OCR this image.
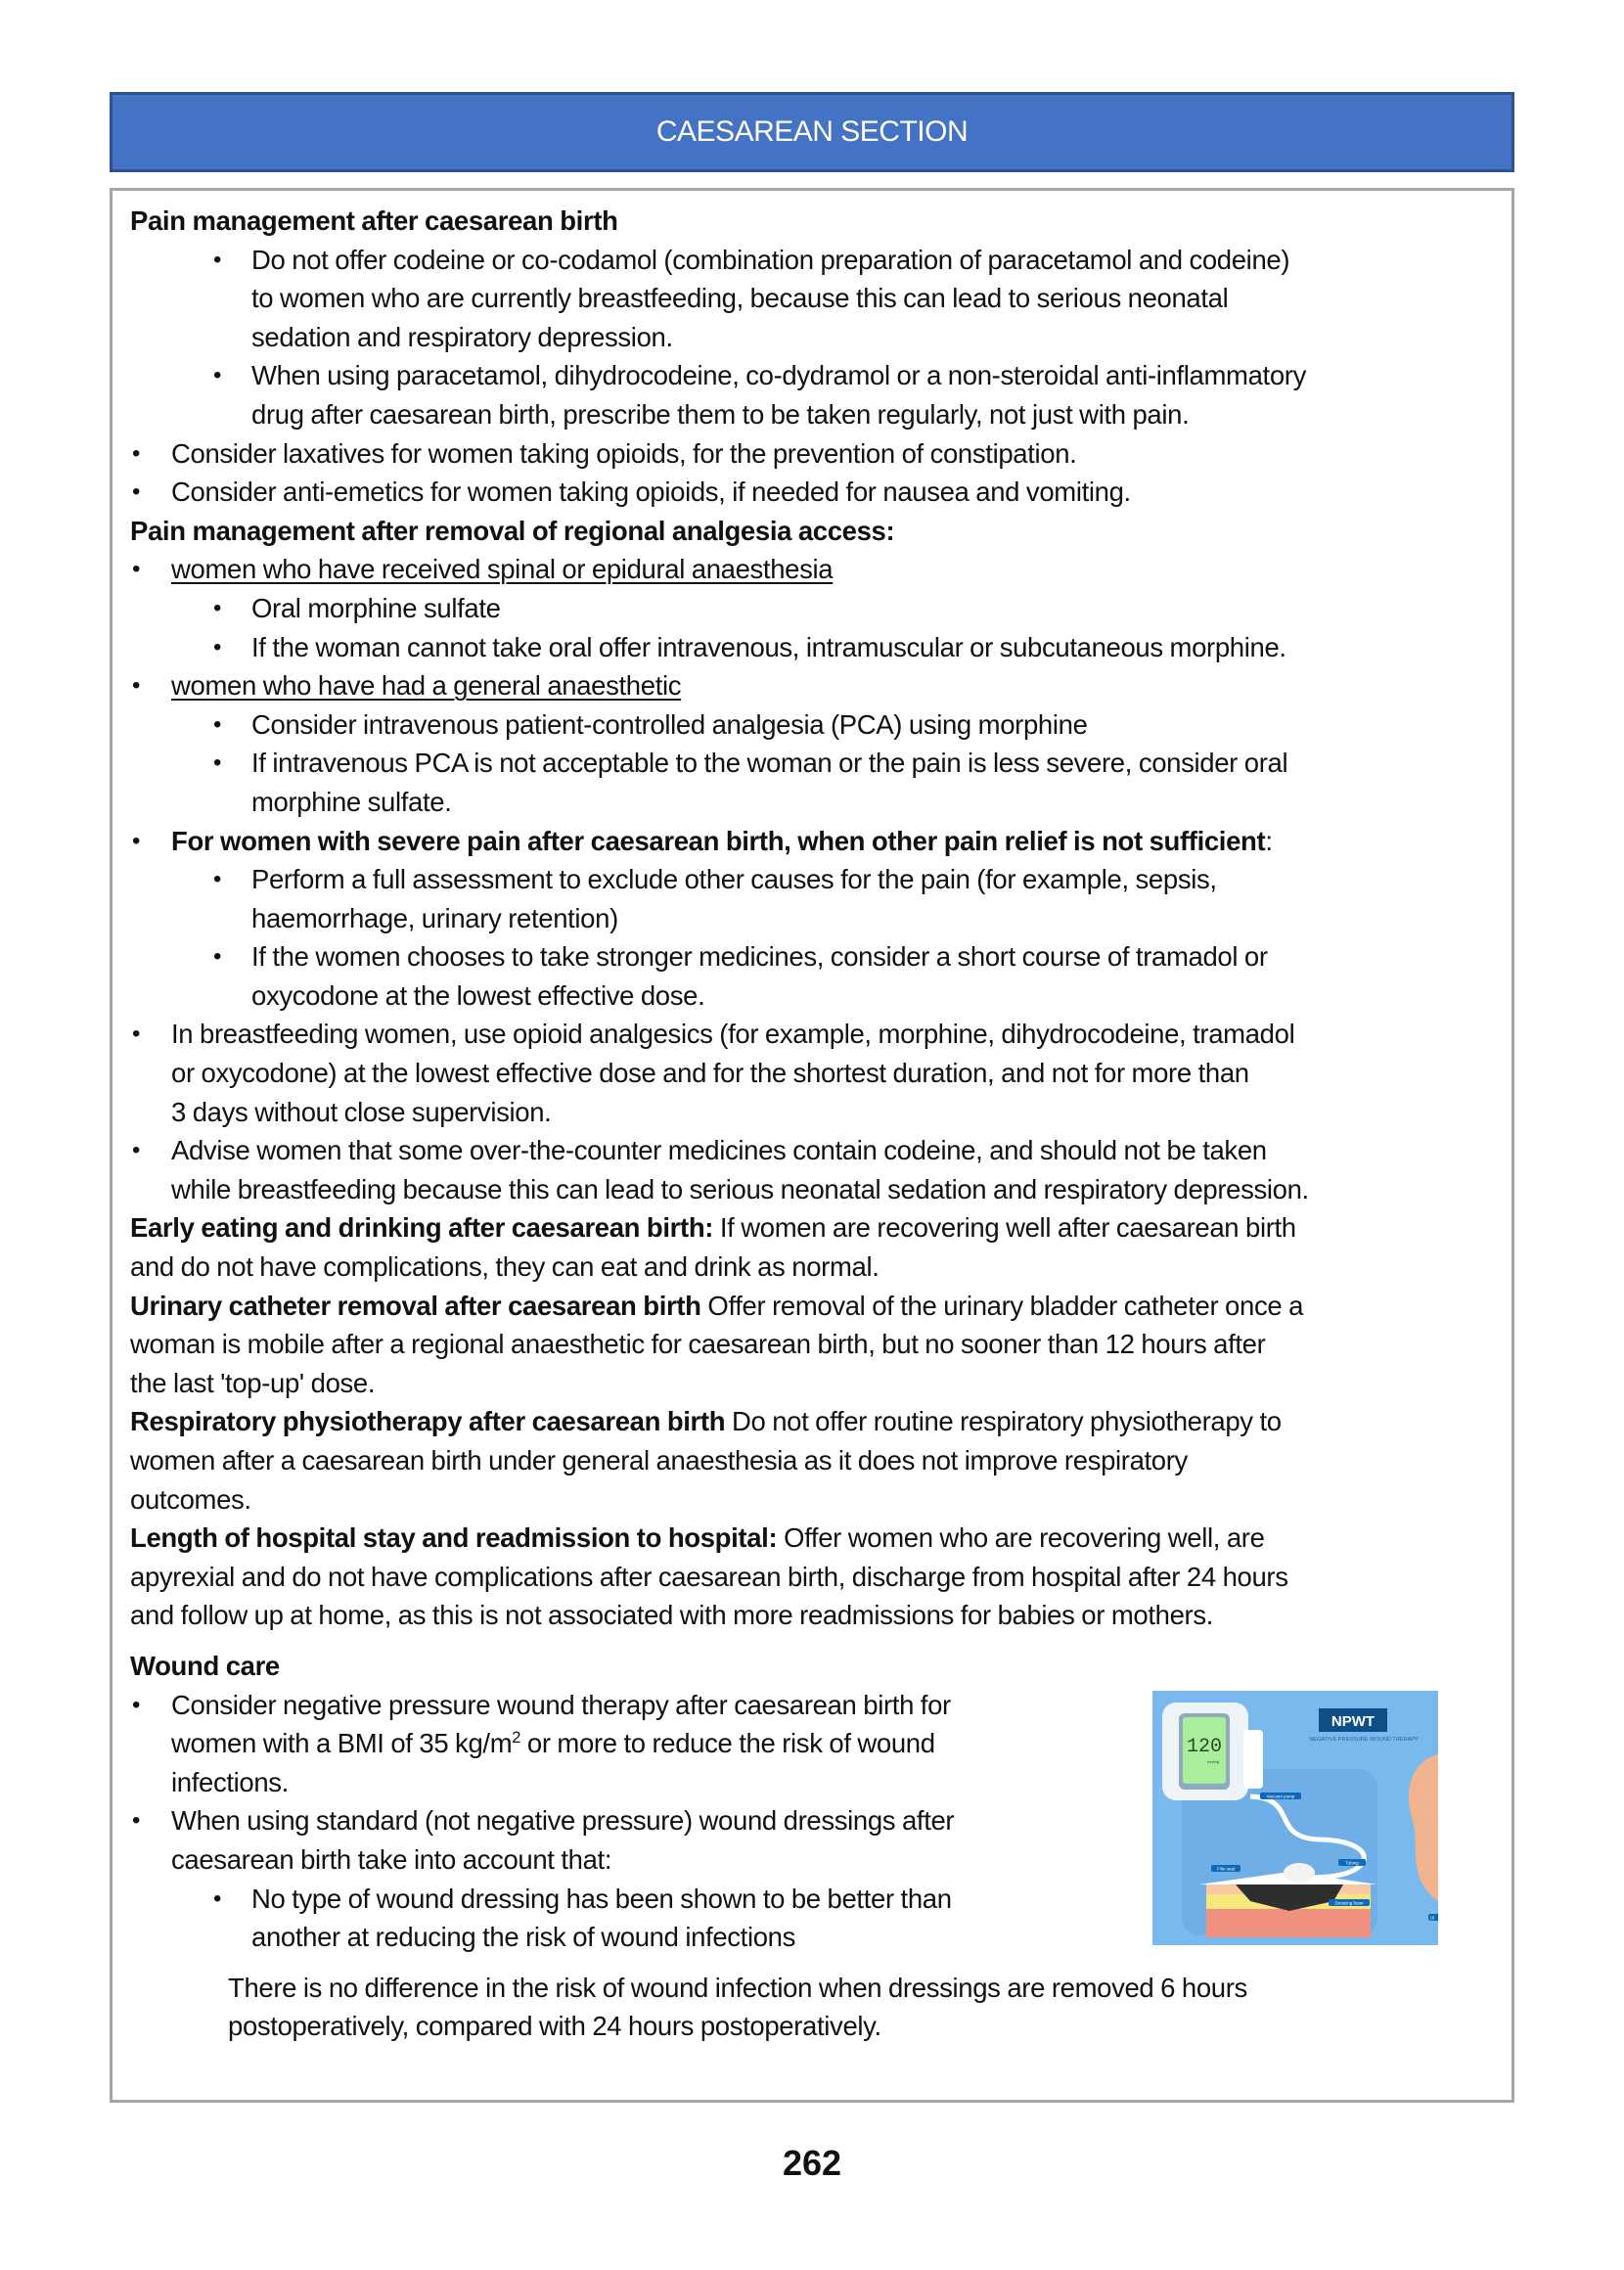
CAESAREAN SECTION
Pain management after caesarean birth
• Do not offer codeine or co-codamol (combination preparation of paracetamol and codeine)
to women who are currently breastfeeding, because this can lead to serious neonatal
sedation and respiratory depression.
• When using paracetamol, dihydrocodeine, co-dydramol or a non-steroidal anti-inflammatory
drug after caesarean birth, prescribe them to be taken regularly, not just with pain.
• Consider laxatives for women taking opioids, for the prevention of constipation.
• Consider anti-emetics for women taking opioids, if needed for nausea and vomiting.
Pain management after removal of regional analgesia access:
• women who have received spinal or epidural anaesthesia
• Oral morphine sulfate
• If the woman cannot take oral offer intravenous, intramuscular or subcutaneous morphine.
• women who have had a general anaesthetic
• Consider intravenous patient-controlled analgesia (PCA) using morphine
• If intravenous PCA is not acceptable to the woman or the pain is less severe, consider oral
morphine sulfate.
• For women with severe pain after caesarean birth, when other pain relief is not sufficient:
• Perform a full assessment to exclude other causes for the pain (for example, sepsis,
haemorrhage, urinary retention)
• If the women chooses to take stronger medicines, consider a short course of tramadol or
oxycodone at the lowest effective dose.
• In breastfeeding women, use opioid analgesics (for example, morphine, dihydrocodeine, tramadol
or oxycodone) at the lowest effective dose and for the shortest duration, and not for more than
3 days without close supervision.
• Advise women that some over-the-counter medicines contain codeine, and should not be taken
while breastfeeding because this can lead to serious neonatal sedation and respiratory depression.
Early eating and drinking after caesarean birth: If women are recovering well after caesarean birth
and do not have complications, they can eat and drink as normal.
Urinary catheter removal after caesarean birth Offer removal of the urinary bladder catheter once a
woman is mobile after a regional anaesthetic for caesarean birth, but no sooner than 12 hours after
the last 'top-up' dose.
Respiratory physiotherapy after caesarean birth Do not offer routine respiratory physiotherapy to
women after a caesarean birth under general anaesthesia as it does not improve respiratory
outcomes.
Length of hospital stay and readmission to hospital: Offer women who are recovering well, are
apyrexial and do not have complications after caesarean birth, discharge from hospital after 24 hours
and follow up at home, as this is not associated with more readmissions for babies or mothers.
Wound care
• Consider negative pressure wound therapy after caesarean birth for
women with a BMI of 35 $kg/m^2$ or more to reduce the risk of wound
infections.
• When using standard (not negative pressure) wound dressings after
caesarean birth take into account that:
• No type of wound dressing has been shown to be better than
another at reducing the risk of wound infections
There is no difference in the risk of wound infection when dressings are removed 6 hours
postoperatively, compared with 24 hours postoperatively.
120
mmHg
NPWT
NEGATIVE PRESSURE WOUND THERAPY
Vacuum pump
Tubing
Film seal
Dressing foam
Ul
262
